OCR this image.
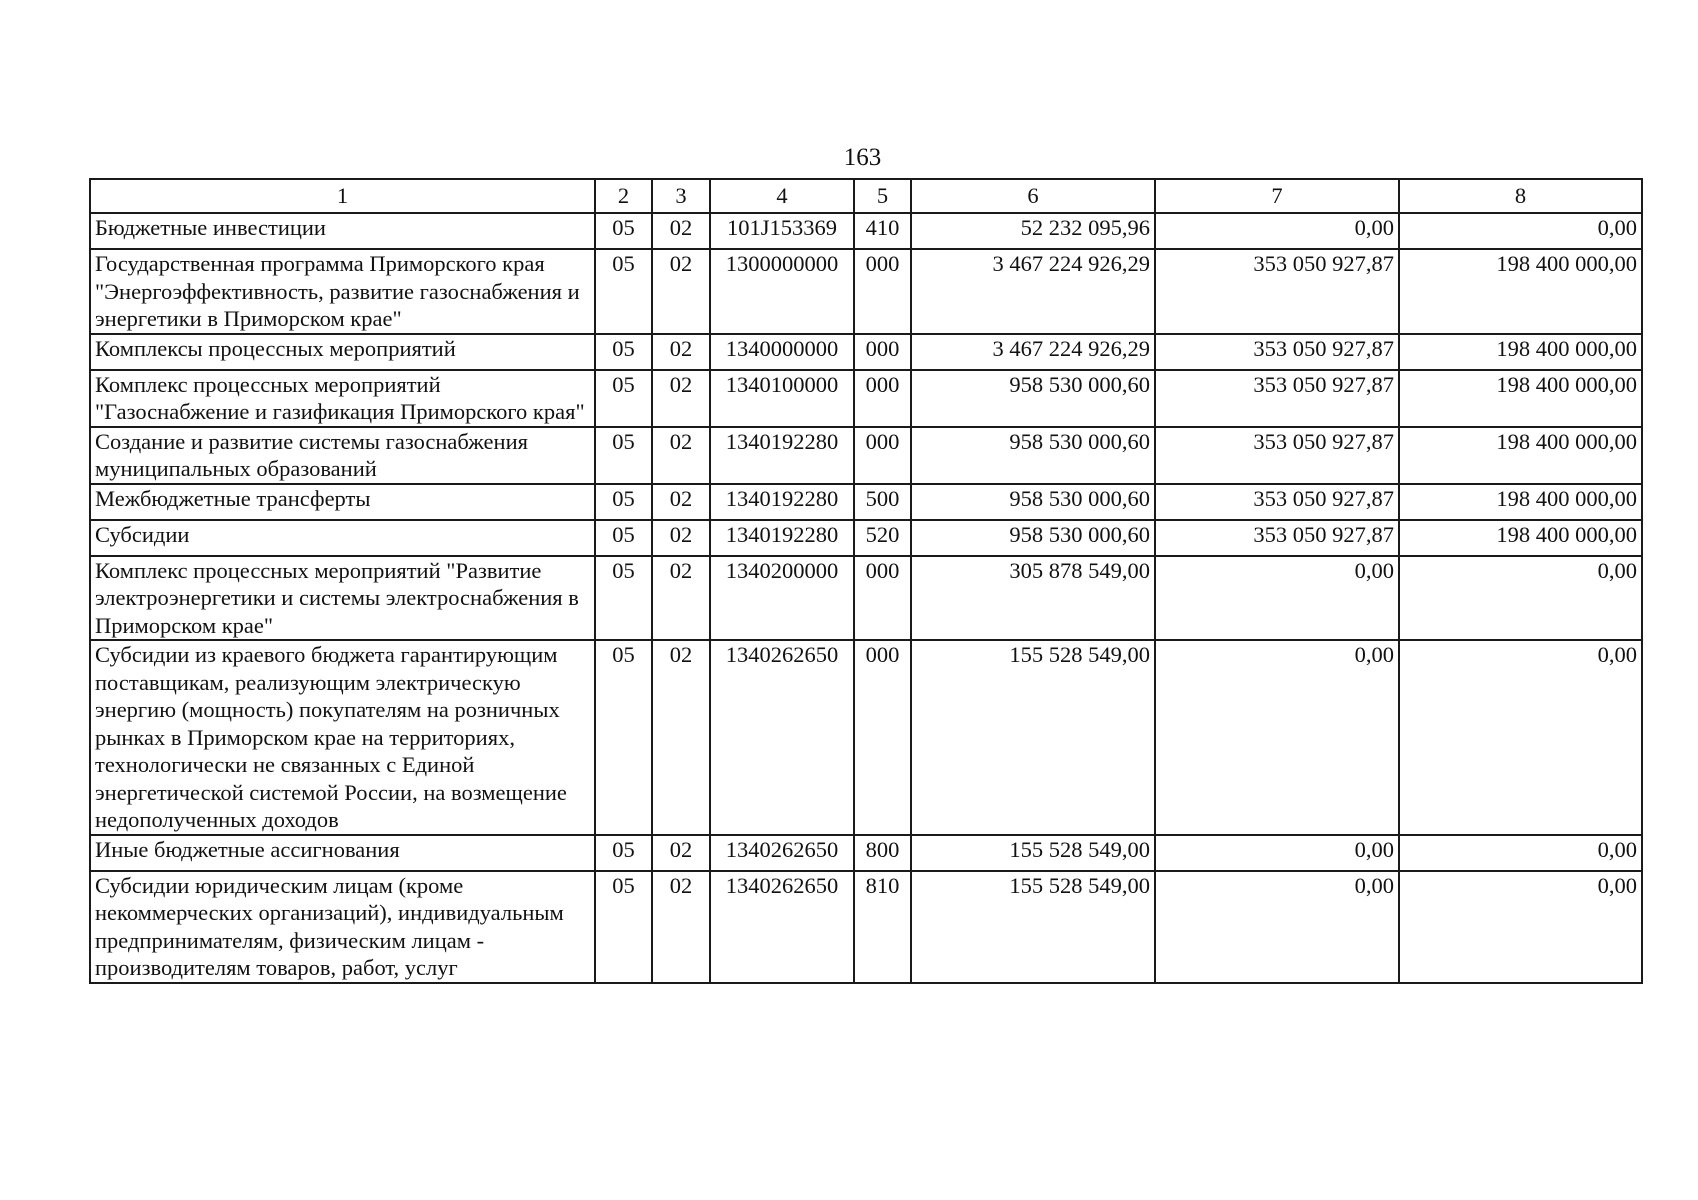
163
1	2	3	4	5	6	7	8
Бюджетные инвестиции	05	02	101J153369	410	52 232 095,96	0,00	0,00
Государственная программа Приморского края "Энергоэффективность, развитие газоснабжения и энергетики в Приморском крае"	05	02	1300000000	000	3 467 224 926,29	353 050 927,87	198 400 000,00
Комплексы процессных мероприятий	05	02	1340000000	000	3 467 224 926,29	353 050 927,87	198 400 000,00
Комплекс процессных мероприятий "Газоснабжение и газификация Приморского края"	05	02	1340100000	000	958 530 000,60	353 050 927,87	198 400 000,00
Создание и развитие системы газоснабжения муниципальных образований	05	02	1340192280	000	958 530 000,60	353 050 927,87	198 400 000,00
Межбюджетные трансферты	05	02	1340192280	500	958 530 000,60	353 050 927,87	198 400 000,00
Субсидии	05	02	1340192280	520	958 530 000,60	353 050 927,87	198 400 000,00
Комплекс процессных мероприятий "Развитие электроэнергетики и системы электроснабжения в Приморском крае"	05	02	1340200000	000	305 878 549,00	0,00	0,00
Субсидии из краевого бюджета гарантирующим поставщикам, реализующим электрическую энергию (мощность) покупателям на розничных рынках в Приморском крае на территориях, технологически не связанных с Единой энергетической системой России, на возмещение недополученных доходов	05	02	1340262650	000	155 528 549,00	0,00	0,00
Иные бюджетные ассигнования	05	02	1340262650	800	155 528 549,00	0,00	0,00
Субсидии юридическим лицам (кроме некоммерческих организаций), индивидуальным предпринимателям, физическим лицам - производителям товаров, работ, услуг	05	02	1340262650	810	155 528 549,00	0,00	0,00
